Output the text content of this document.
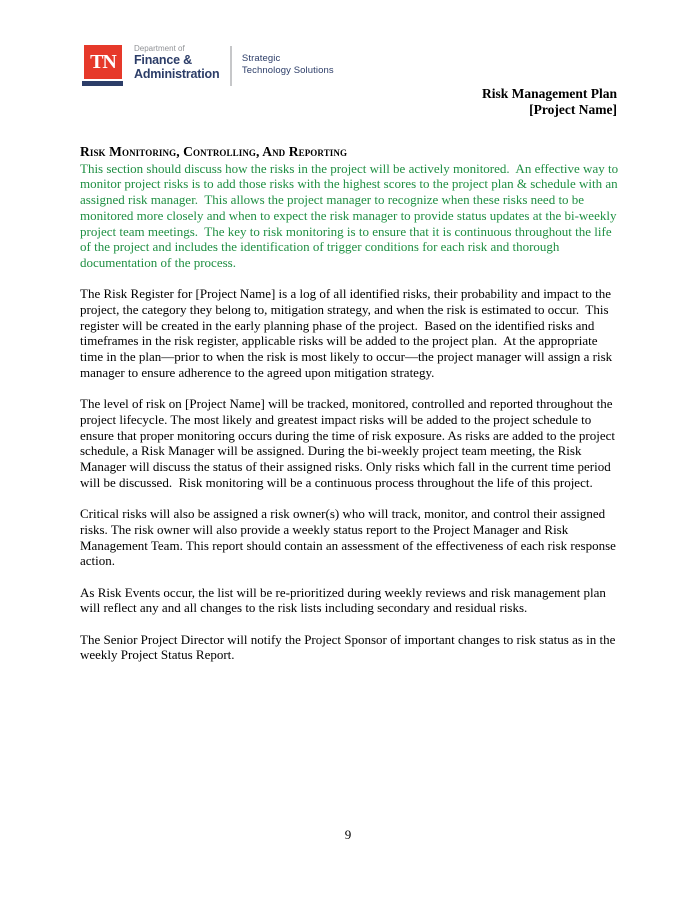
TN
Department of
Finance &
Administration
Strategic
Technology Solutions
Risk Management Plan
[Project Name]
Risk Monitoring, Controlling, And Reporting

This section should discuss how the risks in the project will be actively monitored.  An effective way to monitor project risks is to add those risks with the highest scores to the project plan & schedule with an assigned risk manager.  This allows the project manager to recognize when these risks need to be monitored more closely and when to expect the risk manager to provide status updates at the bi-weekly project team meetings.  The key to risk monitoring is to ensure that it is continuous throughout the life of the project and includes the identification of trigger conditions for each risk and thorough documentation of the process.

The Risk Register for [Project Name] is a log of all identified risks, their probability and impact to the project, the category they belong to, mitigation strategy, and when the risk is estimated to occur.  This register will be created in the early planning phase of the project.  Based on the identified risks and timeframes in the risk register, applicable risks will be added to the project plan.  At the appropriate time in the plan—prior to when the risk is most likely to occur—the project manager will assign a risk manager to ensure adherence to the agreed upon mitigation strategy.

The level of risk on [Project Name] will be tracked, monitored, controlled and reported throughout the project lifecycle. The most likely and greatest impact risks will be added to the project schedule to ensure that proper monitoring occurs during the time of risk exposure. As risks are added to the project schedule, a Risk Manager will be assigned. During the bi-weekly project team meeting, the Risk Manager will discuss the status of their assigned risks. Only risks which fall in the current time period will be discussed.  Risk monitoring will be a continuous process throughout the life of this project.

Critical risks will also be assigned a risk owner(s) who will track, monitor, and control their assigned risks. The risk owner will also provide a weekly status report to the Project Manager and Risk Management Team. This report should contain an assessment of the effectiveness of each risk response action.

As Risk Events occur, the list will be re-prioritized during weekly reviews and risk management plan will reflect any and all changes to the risk lists including secondary and residual risks.

The Senior Project Director will notify the Project Sponsor of important changes to risk status as in the weekly Project Status Report.

9
